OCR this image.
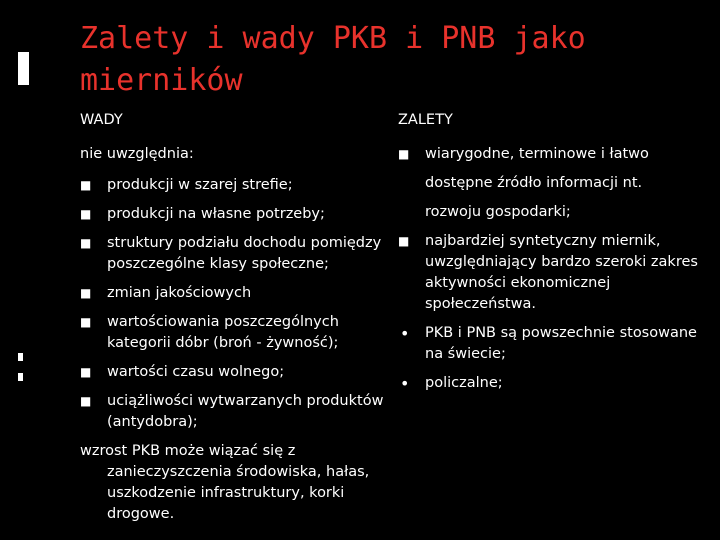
Zalety i wady PKB i PNB jako mierników
WADY
nie uwzględnia:
■ produkcji w szarej strefie;
■ produkcji na własne potrzeby;
■ struktury podziału dochodu pomiędzy poszczególne klasy społeczne;
■ zmian jakościowych
■ wartościowania poszczególnych kategorii dóbr (broń - żywność);
■ wartości czasu wolnego;
■ uciążliwości wytwarzanych produktów (antydobra);
wzrost PKB może wiązać się z zanieczyszczenia środowiska, hałas, uszkodzenie infrastruktury, korki drogowe.
ZALETY
■ wiarygodne, terminowe i łatwo
dostępne źródło informacji nt.
rozwoju gospodarki;
■ najbardziej syntetyczny miernik, uwzględniający bardzo szeroki zakres aktywności ekonomicznej społeczeństwa.
• PKB i PNB są powszechnie stosowane na świecie;
• policzalne;
